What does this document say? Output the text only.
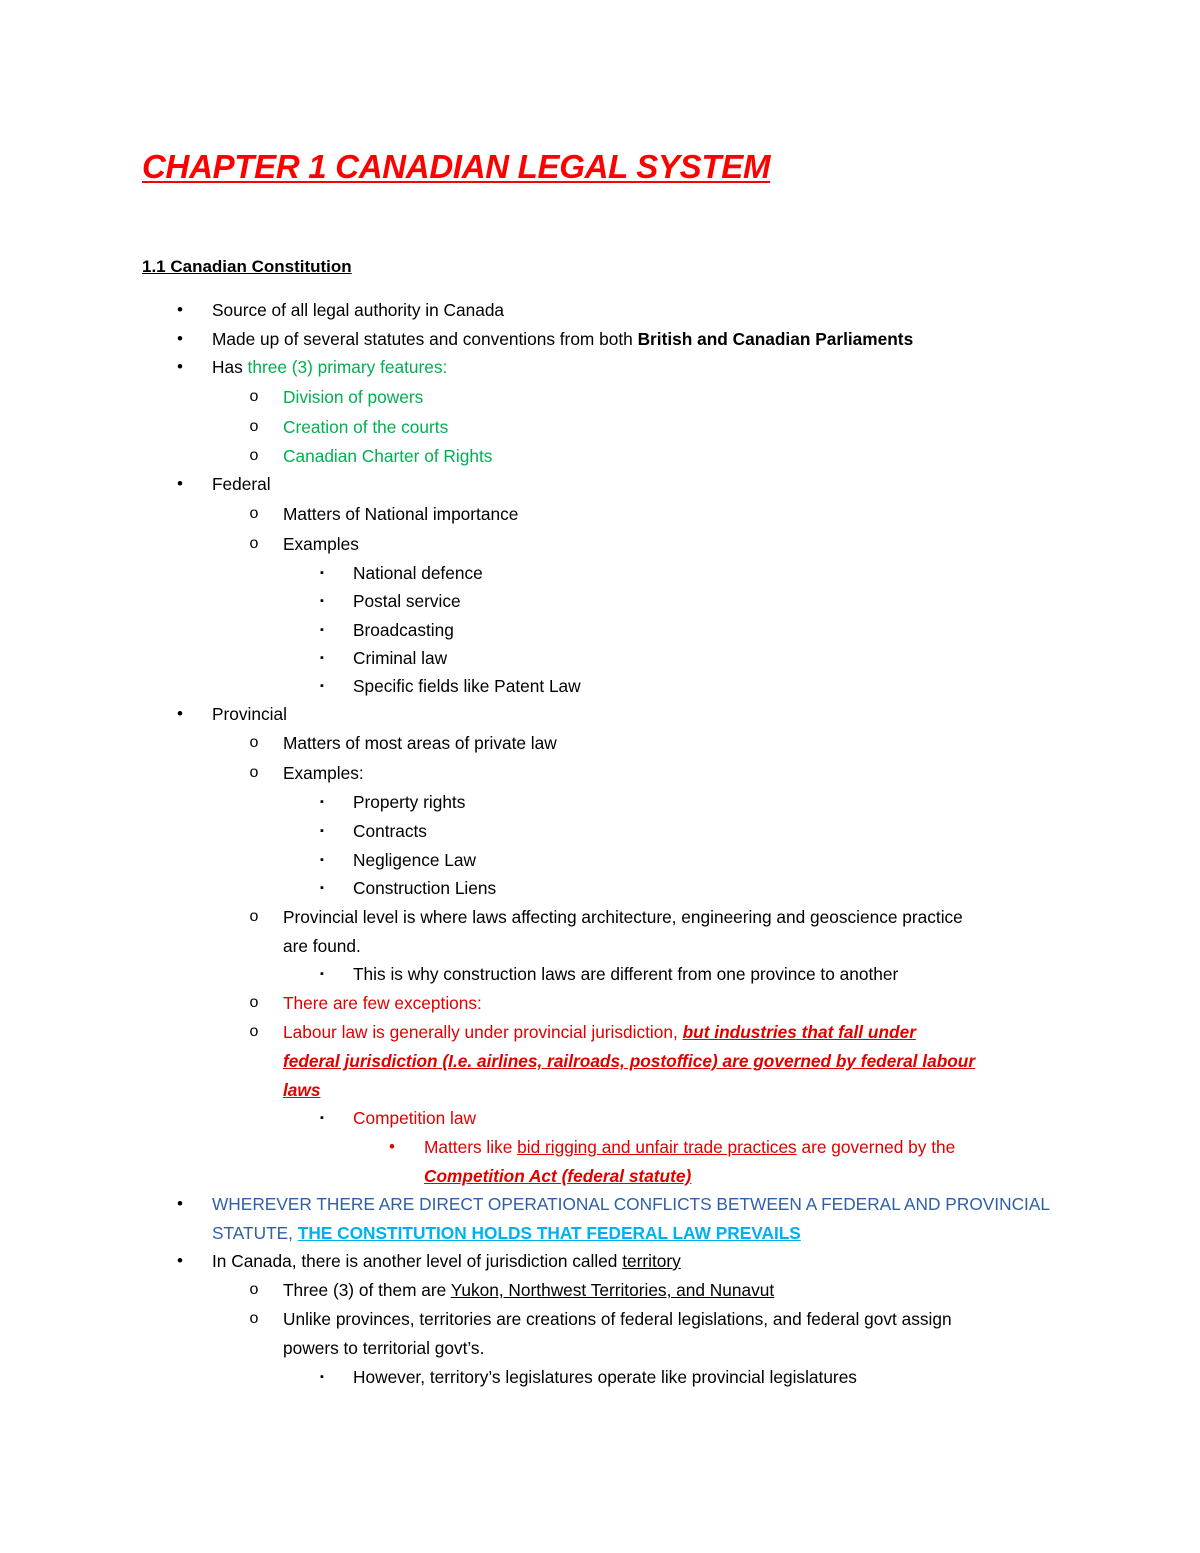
CHAPTER 1 CANADIAN LEGAL SYSTEM
1.1 Canadian Constitution
• Source of all legal authority in Canada
• Made up of several statutes and conventions from both British and Canadian Parliaments
• Has three (3) primary features:
o Division of powers
o Creation of the courts
o Canadian Charter of Rights
• Federal
o Matters of National importance
o Examples
▪	National defence
▪	Postal service
▪	Broadcasting
▪	Criminal law
▪	Specific fields like Patent Law
• Provincial
o Matters of most areas of private law
o Examples:
▪	Property rights
▪	Contracts
▪	Negligence Law
▪	Construction Liens
o Provincial level is where laws affecting architecture, engineering and geoscience practice
are found.
▪	This is why construction laws are different from one province to another
o There are few exceptions:
o Labour law is generally under provincial jurisdiction, but industries that fall under
federal jurisdiction (I.e. airlines, railroads, postoffice) are governed by federal labour
laws
▪	Competition law
• Matters like bid rigging and unfair trade practices are governed by the
Competition Act (federal statute)
• WHEREVER THERE ARE DIRECT OPERATIONAL CONFLICTS BETWEEN A FEDERAL AND PROVINCIAL
STATUTE, THE CONSTITUTION HOLDS THAT FEDERAL LAW PREVAILS
• In Canada, there is another level of jurisdiction called territory
o Three (3) of them are Yukon, Northwest Territories, and Nunavut
o Unlike provinces, territories are creations of federal legislations, and federal govt assign
powers to territorial govt’s.
▪	However, territory’s legislatures operate like provincial legislatures
